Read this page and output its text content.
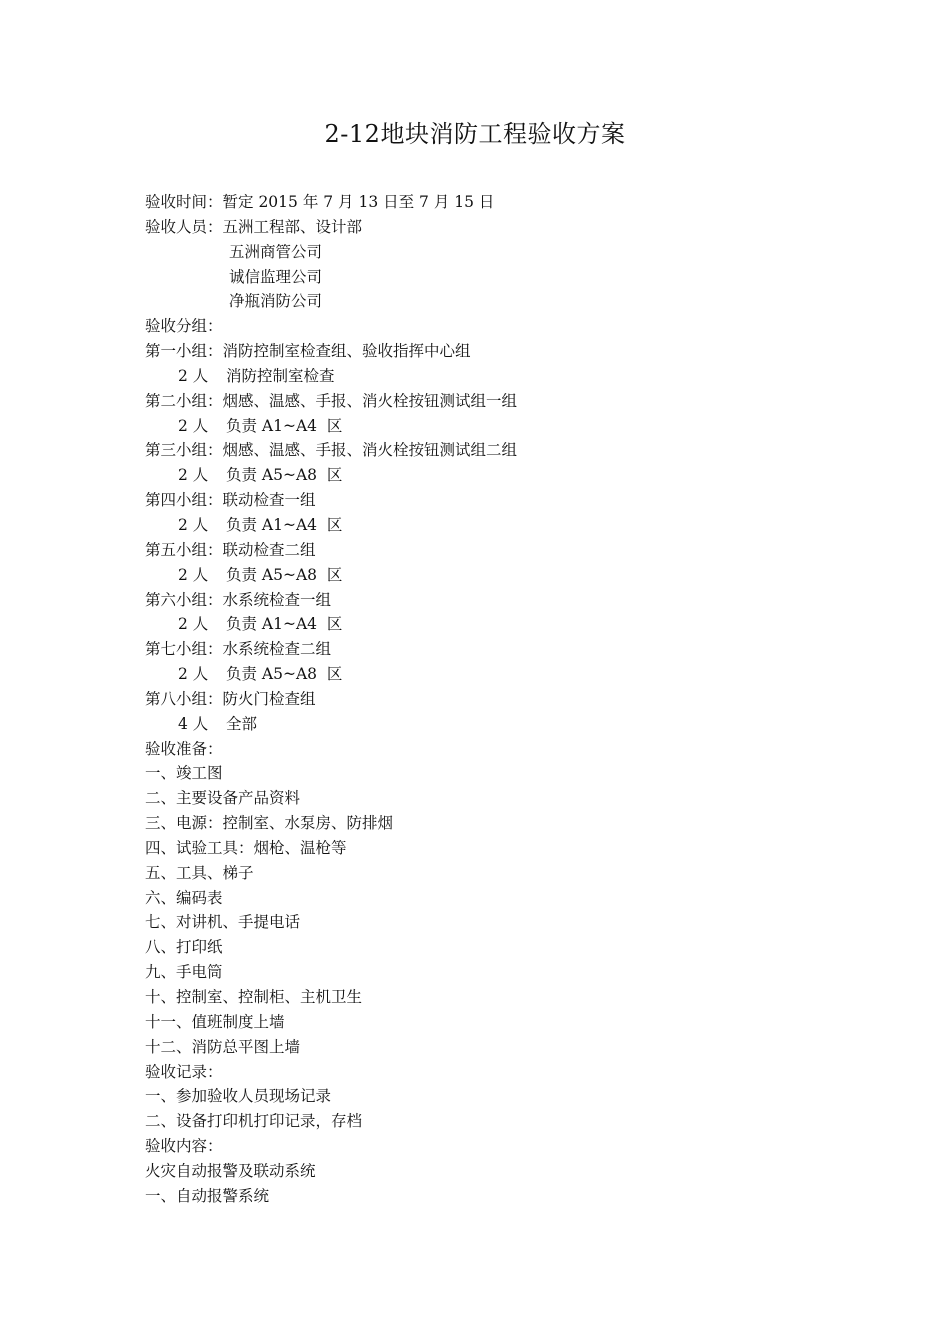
2-12地块消防工程验收方案
验收时间：暂定 2015 年 7 月 13 日至 7 月 15 日
验收人员：五洲工程部、设计部
五洲商管公司
诚信监理公司
净瓶消防公司
验收分组：
第一小组：消防控制室检查组、验收指挥中心组
2 人 消防控制室检查
第二小组：烟感、温感、手报、消火栓按钮测试组一组
2 人 负责 A1~A4  区
第三小组：烟感、温感、手报、消火栓按钮测试组二组
2 人 负责 A5~A8  区
第四小组：联动检查一组
2 人 负责 A1~A4  区
第五小组：联动检查二组
2 人 负责 A5~A8  区
第六小组：水系统检查一组
2 人 负责 A1~A4  区
第七小组：水系统检查二组
2 人 负责 A5~A8  区
第八小组：防火门检查组
4 人 全部
验收准备：
一、竣工图
二、主要设备产品资料
三、电源：控制室、水泵房、防排烟
四、试验工具：烟枪、温枪等
五、工具、梯子
六、编码表
七、对讲机、手提电话
八、打印纸
九、手电筒
十、控制室、控制柜、主机卫生
十一、值班制度上墙
十二、消防总平图上墙
验收记录：
一、参加验收人员现场记录
二、设备打印机打印记录，存档
验收内容：
火灾自动报警及联动系统
一、自动报警系统
